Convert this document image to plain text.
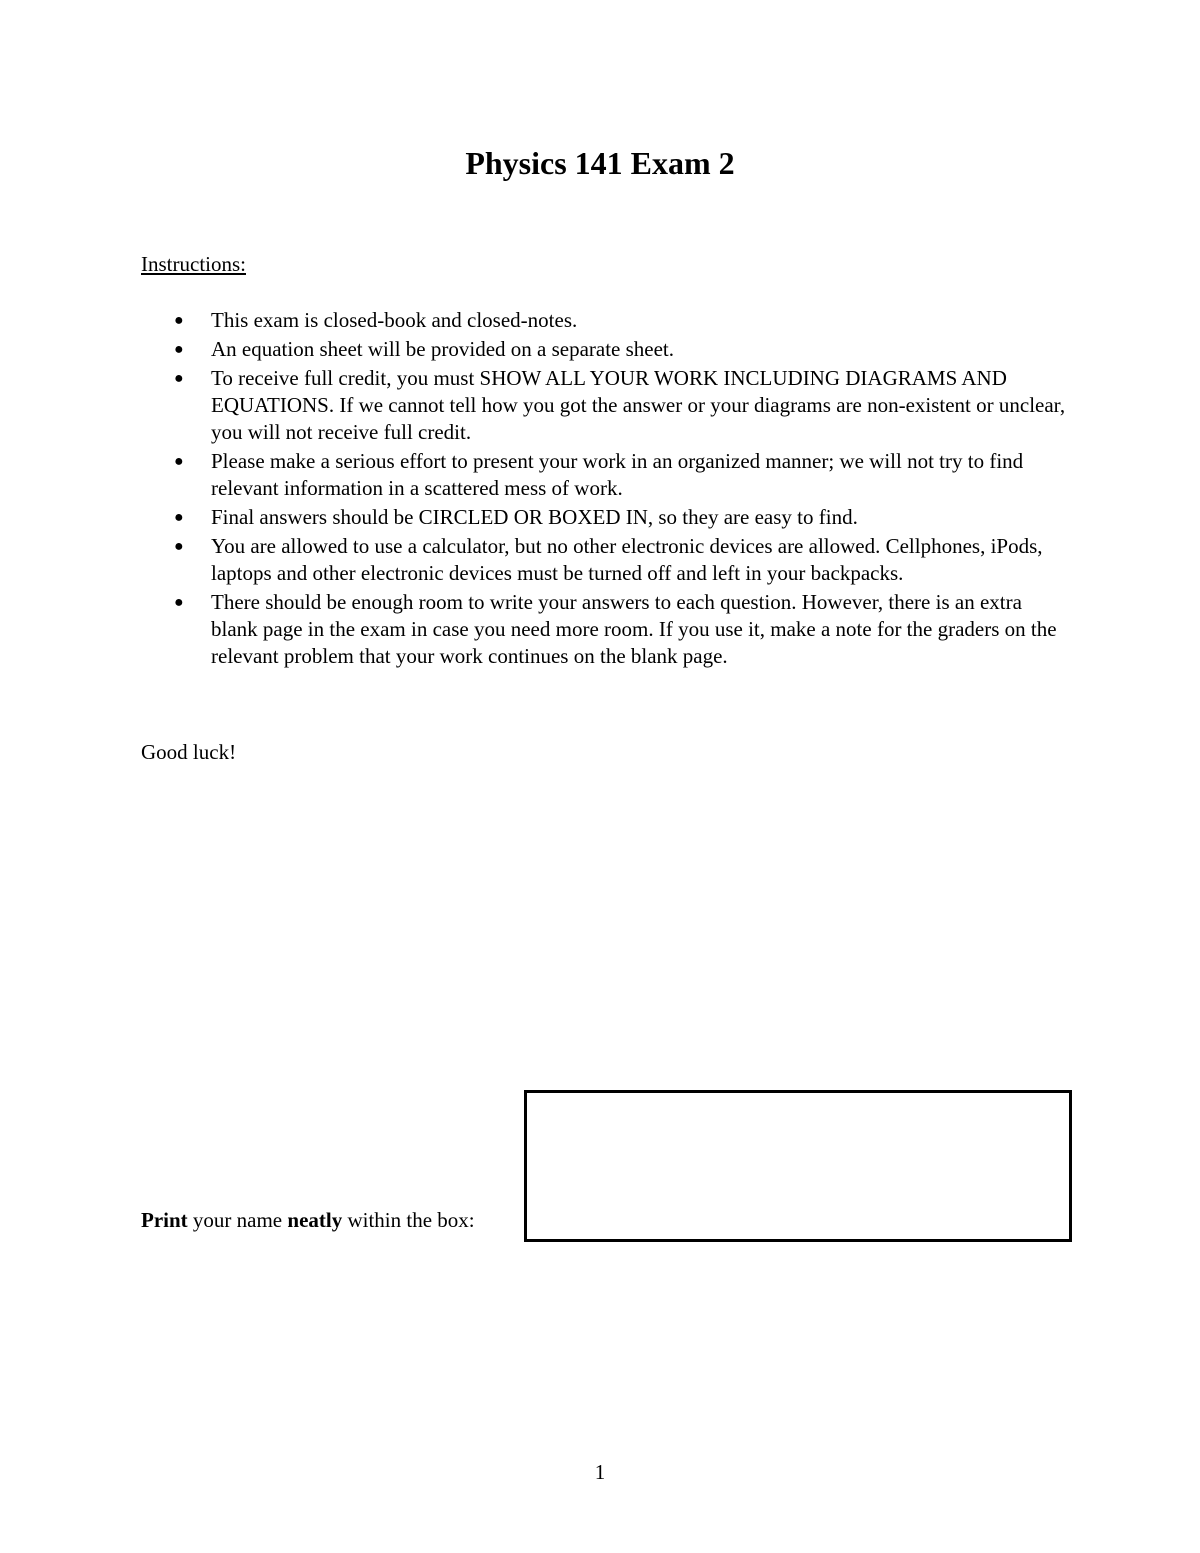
Physics 141 Exam 2
Instructions:
● This exam is closed-book and closed-notes.
● An equation sheet will be provided on a separate sheet.
● To receive full credit, you must SHOW ALL YOUR WORK INCLUDING DIAGRAMS AND EQUATIONS. If we cannot tell how you got the answer or your diagrams are non-existent or unclear, you will not receive full credit.
● Please make a serious effort to present your work in an organized manner; we will not try to find relevant information in a scattered mess of work.
● Final answers should be CIRCLED OR BOXED IN, so they are easy to find.
● You are allowed to use a calculator, but no other electronic devices are allowed. Cellphones, iPods, laptops and other electronic devices must be turned off and left in your backpacks.
● There should be enough room to write your answers to each question. However, there is an extra blank page in the exam in case you need more room. If you use it, make a note for the graders on the relevant problem that your work continues on the blank page.
Good luck!
Print your name neatly within the box:
1
